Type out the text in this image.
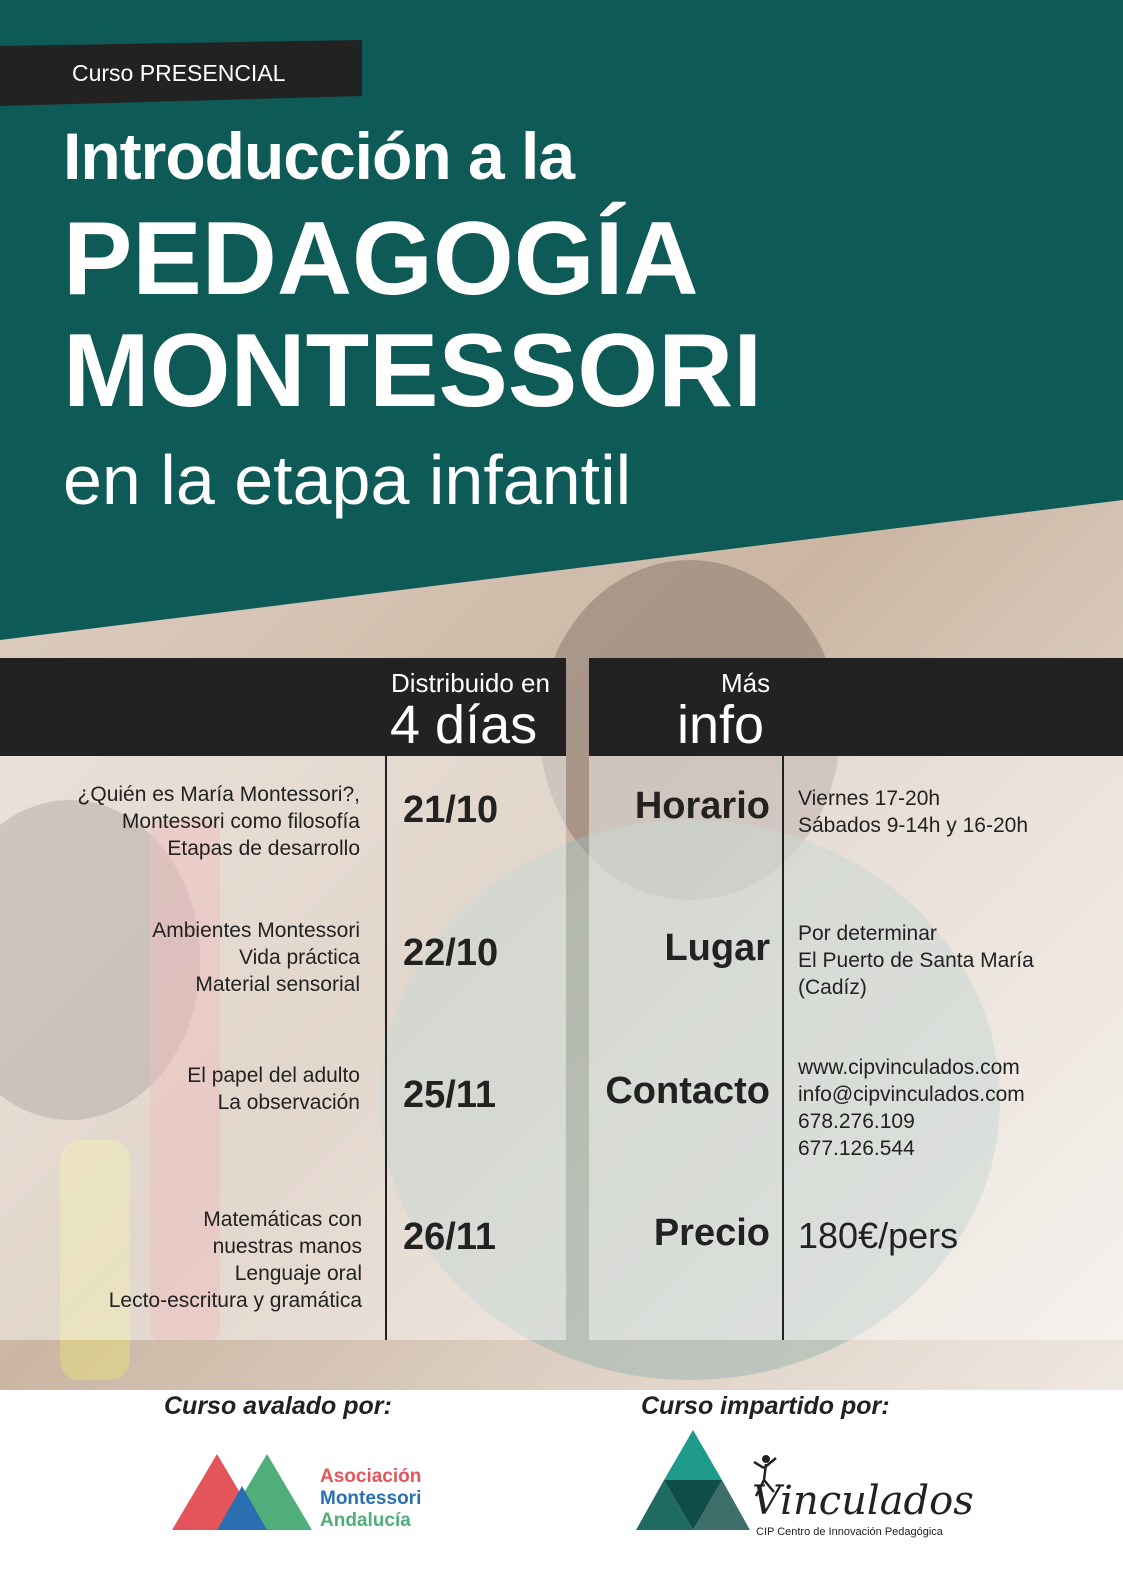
Curso PRESENCIAL
Introducción a la
PEDAGOGÍA
MONTESSORI
en la etapa infantil
Distribuido en
4 días
¿Quién es María Montessori?,
Montessori como filosofía
Etapas de desarrollo
21/10
Ambientes Montessori
Vida práctica
Material sensorial
22/10
El papel del adulto
La observación 25/11
Matemáticas con
nuestras manos
Lenguaje oral
Lecto-escritura y gramática
26/11
Más
info
Horario Viernes 17-20h
Sábados 9-14h y 16-20h
Lugar Por determinar
El Puerto de Santa María
(Cadíz)
Contacto
www.cipvinculados.com
info@cipvinculados.com
678.276.109
677.126.544
Precio 180€/pers
Curso avalado por:	Curso impartido por:
Asociación
Montessori
Andalucía	Vinculados
CIP Centro de Innovación Pedagógica
